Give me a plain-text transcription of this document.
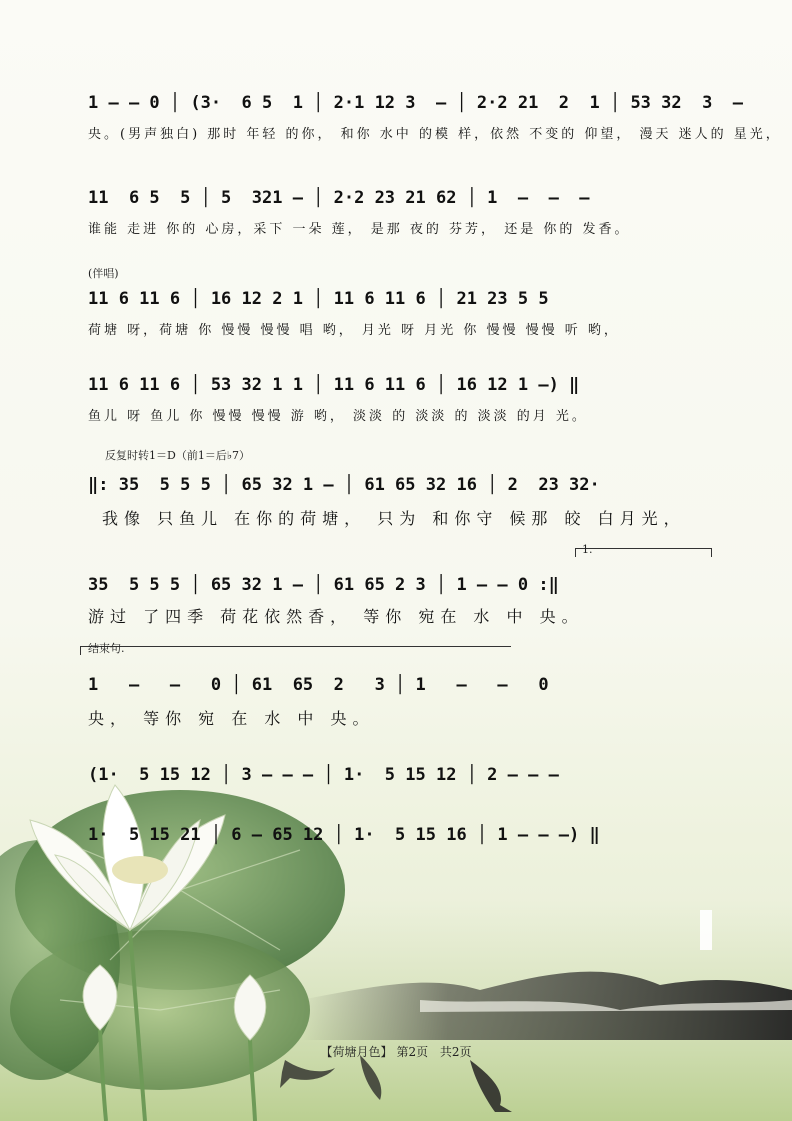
1 – – 0 │ (3·  6 5  1 │ 2·1 12 3  – │ 2·2 21  2  1 │ 53 32  3  –
央。(男声独白) 那时 年轻 的你， 和你 水中 的模 样，依然 不变的 仰望， 漫天 迷人的 星光，
11  6 5  5 │ 5  321 – │ 2·2 23 21 62 │ 1  –  –  –
谁能 走进 你的 心房，采下 一朵 莲， 是那 夜的 芬芳， 还是 你的 发香。
(伴唱)
11 6 11 6 │ 16 12 2 1 │ 11 6 11 6 │ 21 23 5 5
荷塘 呀，荷塘 你 慢慢 慢慢 唱 哟， 月光 呀 月光 你 慢慢 慢慢 听 哟，
11 6 11 6 │ 53 32 1 1 │ 11 6 11 6 │ 16 12 1 –) ‖
鱼儿 呀 鱼儿 你 慢慢 慢慢 游 哟， 淡淡 的 淡淡 的 淡淡 的月 光。
反复时转1＝D（前1＝后♭7）
‖: 35  5 5 5 │ 65 32 1 – │ 61 65 32 16 │ 2  23 32·
我像 只鱼儿 在你的荷塘， 只为 和你守 候那 皎 白月光，
1.
35  5 5 5 │ 65 32 1 – │ 61 65 2 3 │ 1 – – 0 :‖
游过 了四季 荷花依然香， 等你 宛在 水 中 央。
结束句.
1   –   –   0 │ 61  65  2   3 │ 1   –   –   0
央， 等你 宛 在 水 中 央。
(1·  5 15 12 │ 3 – – – │ 1·  5 15 12 │ 2 – – –
1·  5 15 21 │ 6 – 65 12 │ 1·  5 15 16 │ 1 – – –) ‖
【荷塘月色】 第2页 共2页
